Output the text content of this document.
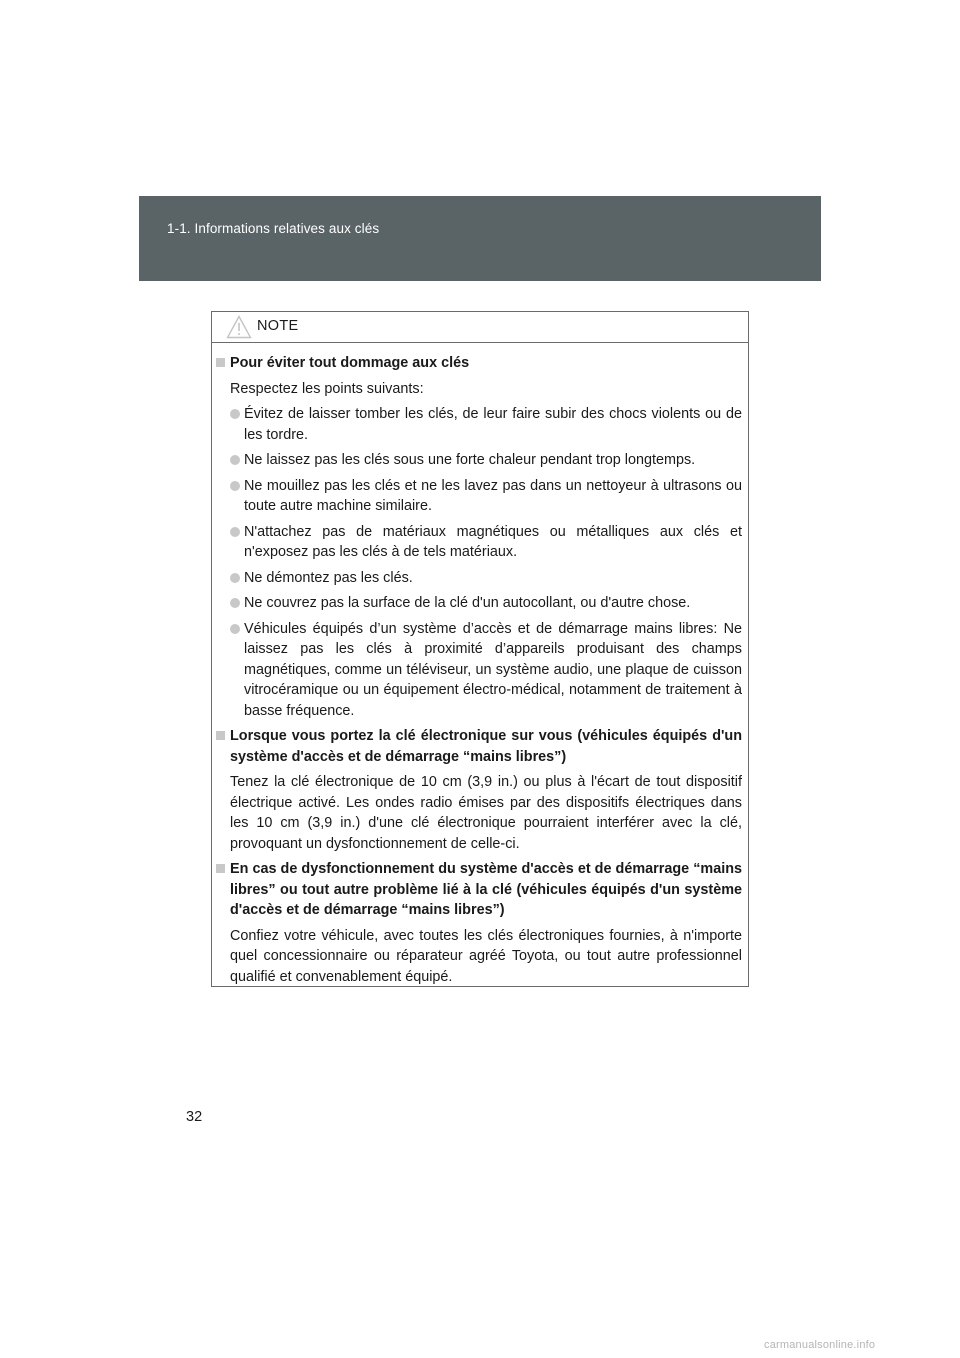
1-1. Informations relatives aux clés
NOTE
Pour éviter tout dommage aux clés
Respectez les points suivants:
Évitez de laisser tomber les clés, de leur faire subir des chocs violents ou de les tordre.
Ne laissez pas les clés sous une forte chaleur pendant trop longtemps.
Ne mouillez pas les clés et ne les lavez pas dans un nettoyeur à ultrasons ou toute autre machine similaire.
N'attachez pas de matériaux magnétiques ou métalliques aux clés et n'exposez pas les clés à de tels matériaux.
Ne démontez pas les clés.
Ne couvrez pas la surface de la clé d'un autocollant, ou d'autre chose.
Véhicules équipés d’un système d’accès et de démarrage mains libres: Ne laissez pas les clés à proximité d’appareils produisant des champs magnétiques, comme un téléviseur, un système audio, une plaque de cuisson vitrocéramique ou un équipement électro-médical, notamment de traitement à basse fréquence.
Lorsque vous portez la clé électronique sur vous (véhicules équipés d'un système d'accès et de démarrage “mains libres”)
Tenez la clé électronique de 10 cm (3,9 in.) ou plus à l'écart de tout dispositif électrique activé. Les ondes radio émises par des dispositifs électriques dans les 10 cm (3,9 in.) d'une clé électronique pourraient interférer avec la clé, provoquant un dysfonctionnement de celle-ci.
En cas de dysfonctionnement du système d'accès et de démarrage “mains libres” ou tout autre problème lié à la clé (véhicules équipés d'un système d'accès et de démarrage “mains libres”)
Confiez votre véhicule, avec toutes les clés électroniques fournies, à n'importe quel concessionnaire ou réparateur agréé Toyota, ou tout autre professionnel qualifié et convenablement équipé.
32
carmanualsonline.info
